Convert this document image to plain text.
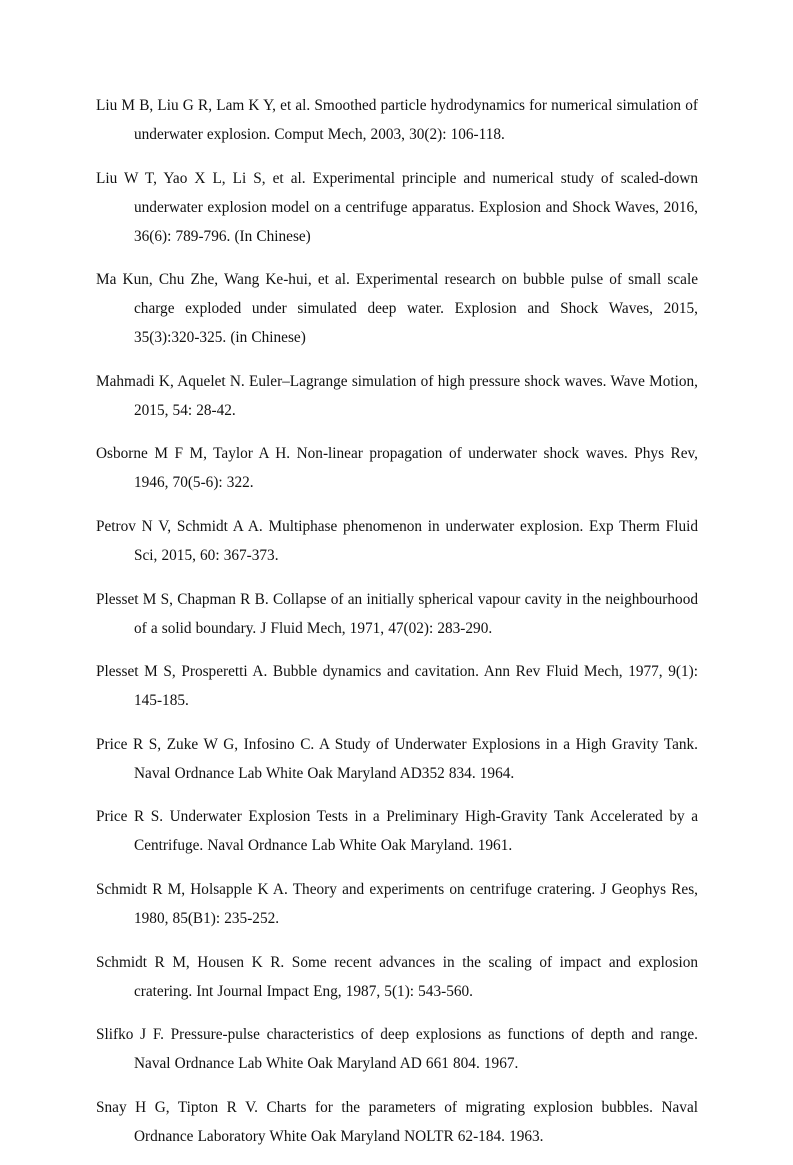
Liu M B, Liu G R, Lam K Y, et al. Smoothed particle hydrodynamics for numerical simulation of underwater explosion. Comput Mech, 2003, 30(2): 106-118.
Liu W T, Yao X L, Li S, et al. Experimental principle and numerical study of scaled-down underwater explosion model on a centrifuge apparatus. Explosion and Shock Waves, 2016, 36(6): 789-796. (In Chinese)
Ma Kun, Chu Zhe, Wang Ke-hui, et al. Experimental research on bubble pulse of small scale charge exploded under simulated deep water. Explosion and Shock Waves, 2015, 35(3):320-325. (in Chinese)
Mahmadi K, Aquelet N. Euler–Lagrange simulation of high pressure shock waves. Wave Motion, 2015, 54: 28-42.
Osborne M F M, Taylor A H. Non-linear propagation of underwater shock waves. Phys Rev, 1946, 70(5-6): 322.
Petrov N V, Schmidt A A. Multiphase phenomenon in underwater explosion. Exp Therm Fluid Sci, 2015, 60: 367-373.
Plesset M S, Chapman R B. Collapse of an initially spherical vapour cavity in the neighbourhood of a solid boundary. J Fluid Mech, 1971, 47(02): 283-290.
Plesset M S, Prosperetti A. Bubble dynamics and cavitation. Ann Rev Fluid Mech, 1977, 9(1): 145-185.
Price R S, Zuke W G, Infosino C. A Study of Underwater Explosions in a High Gravity Tank. Naval Ordnance Lab White Oak Maryland AD352 834. 1964.
Price R S. Underwater Explosion Tests in a Preliminary High-Gravity Tank Accelerated by a Centrifuge. Naval Ordnance Lab White Oak Maryland. 1961.
Schmidt R M, Holsapple K A. Theory and experiments on centrifuge cratering. J Geophys Res, 1980, 85(B1): 235-252.
Schmidt R M, Housen K R. Some recent advances in the scaling of impact and explosion cratering. Int Journal Impact Eng, 1987, 5(1): 543-560.
Slifko J F. Pressure-pulse characteristics of deep explosions as functions of depth and range. Naval Ordnance Lab White Oak Maryland AD 661 804. 1967.
Snay H G, Tipton R V. Charts for the parameters of migrating explosion bubbles. Naval Ordnance Laboratory White Oak Maryland NOLTR 62-184. 1963.
